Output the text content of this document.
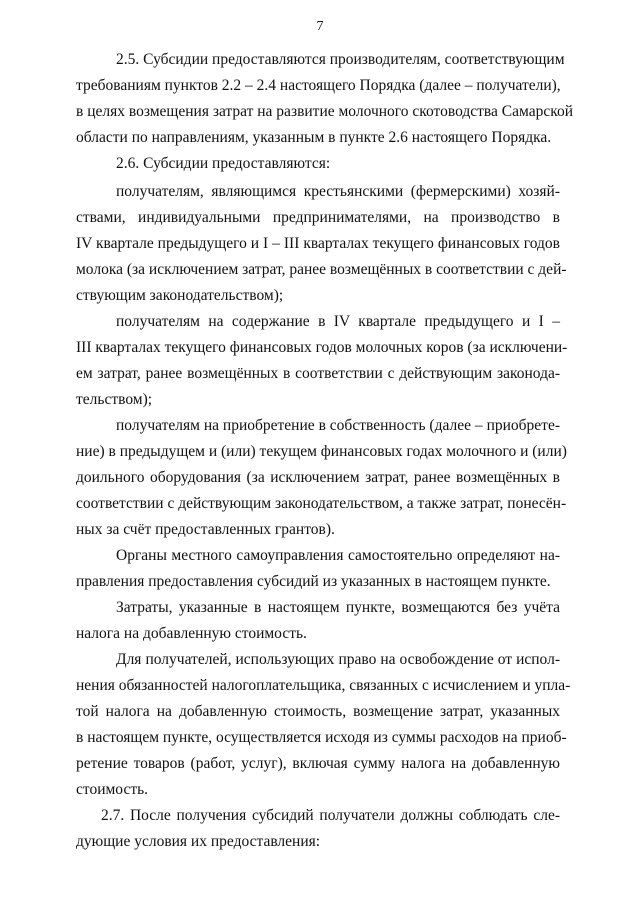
7
2.5. Субсидии предоставляются производителям, соответствующим
требованиям пунктов 2.2 – 2.4 настоящего Порядка (далее – получатели),
в целях возмещения затрат на развитие молочного скотоводства Самарской
области по направлениям, указанным в пункте 2.6 настоящего Порядка.
2.6. Субсидии предоставляются:
получателям, являющимся крестьянскими (фермерскими) хозяй-
ствами, индивидуальными предпринимателями, на производство в
IV квартале предыдущего и I – III кварталах текущего финансовых годов
молока (за исключением затрат, ранее возмещённых в соответствии с дей-
ствующим законодательством);
получателям на содержание в IV квартале предыдущего и I –
III кварталах текущего финансовых годов молочных коров (за исключени-
ем затрат, ранее возмещённых в соответствии с действующим законода-
тельством);
получателям на приобретение в собственность (далее – приобрете-
ние) в предыдущем и (или) текущем финансовых годах молочного и (или)
доильного оборудования (за исключением затрат, ранее возмещённых в
соответствии с действующим законодательством, а также затрат, понесён-
ных за счёт предоставленных грантов).
Органы местного самоуправления самостоятельно определяют на-
правления предоставления субсидий из указанных в настоящем пункте.
Затраты, указанные в настоящем пункте, возмещаются без учёта
налога на добавленную стоимость.
Для получателей, использующих право на освобождение от испол-
нения обязанностей налогоплательщика, связанных с исчислением и упла-
той налога на добавленную стоимость, возмещение затрат, указанных
в настоящем пункте, осуществляется исходя из суммы расходов на приоб-
ретение товаров (работ, услуг), включая сумму налога на добавленную
стоимость.
2.7. После получения субсидий получатели должны соблюдать сле-
дующие условия их предоставления:
